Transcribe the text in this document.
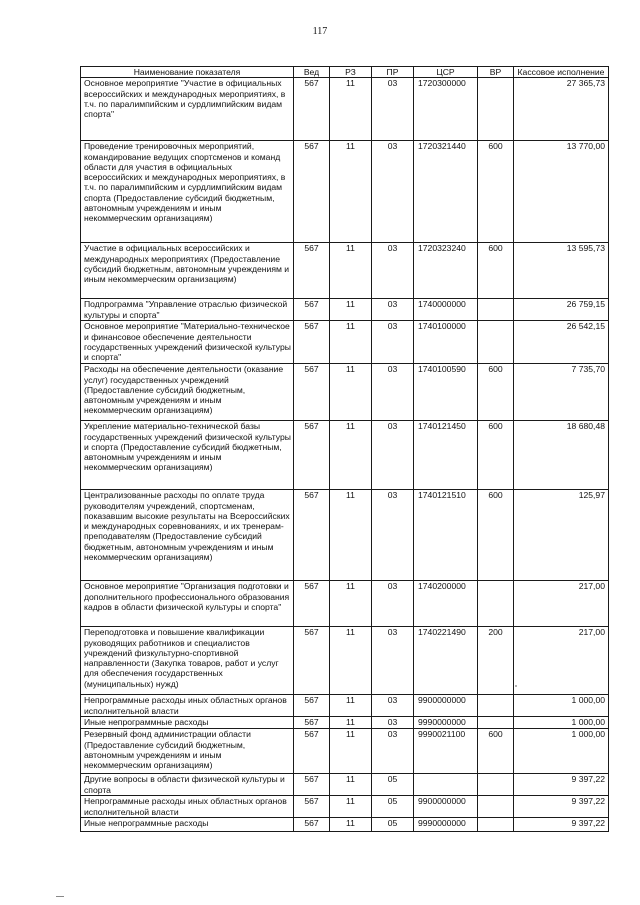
117
Наименование показателя	Вед	РЗ	ПР	ЦСР	ВР	Кассовое исполнение
Основное мероприятие "Участие в официальных всероссийских и международных мероприятиях, в т.ч. по паралимпийским и сурдлимпийским видам спорта"	567	11	03	1720300000		27 365,73
Проведение тренировочных мероприятий, командирование ведущих спортсменов и команд области для участия в официальных всероссийских и международных мероприятиях, в т.ч. по паралимпийским и сурдлимпийским видам спорта (Предоставление субсидий бюджетным, автономным учреждениям и иным некоммерческим организациям)	567	11	03	1720321440	600	13 770,00
Участие в официальных всероссийских и международных мероприятиях (Предоставление субсидий бюджетным, автономным учреждениям и иным некоммерческим организациям)	567	11	03	1720323240	600	13 595,73
Подпрограмма "Управление отраслью физической культуры и спорта"	567	11	03	1740000000		26 759,15
Основное мероприятие "Материально-техническое и финансовое обеспечение деятельности государственных учреждений физической культуры и спорта"	567	11	03	1740100000		26 542,15
Расходы на обеспечение деятельности (оказание услуг) государственных учреждений (Предоставление субсидий бюджетным, автономным учреждениям и иным некоммерческим организациям)	567	11	03	1740100590	600	7 735,70
Укрепление материально-технической базы государственных учреждений физической культуры и спорта (Предоставление субсидий бюджетным, автономным учреждениям и иным некоммерческим организациям)	567	11	03	1740121450	600	18 680,48
Централизованные расходы по оплате труда руководителям учреждений, спортсменам, показавшим высокие результаты на Всероссийских и международных соревнованиях, и их тренерам-преподавателям (Предоставление субсидий бюджетным, автономным учреждениям и иным некоммерческим организациям)	567	11	03	1740121510	600	125,97
Основное мероприятие "Организация подготовки и дополнительного профессионального образования кадров в области физической культуры и спорта"	567	11	03	1740200000		217,00
Переподготовка и повышение квалификации руководящих работников и специалистов учреждений физкультурно-спортивной направленности (Закупка товаров, работ и услуг для обеспечения государственных (муниципальных) нужд)	567	11	03	1740221490	200	217,00
Непрограммные расходы иных областных органов исполнительной власти	567	11	03	9900000000		1 000,00
Иные непрограммные расходы	567	11	03	9990000000		1 000,00
Резервный фонд администрации области (Предоставление субсидий бюджетным, автономным учреждениям и иным некоммерческим организациям)	567	11	03	9990021100	600	1 000,00
Другие вопросы в области физической культуры и спорта	567	11	05			9 397,22
Непрограммные расходы иных областных органов исполнительной власти	567	11	05	9900000000		9 397,22
Иные непрограммные расходы	567	11	05	9990000000		9 397,22
